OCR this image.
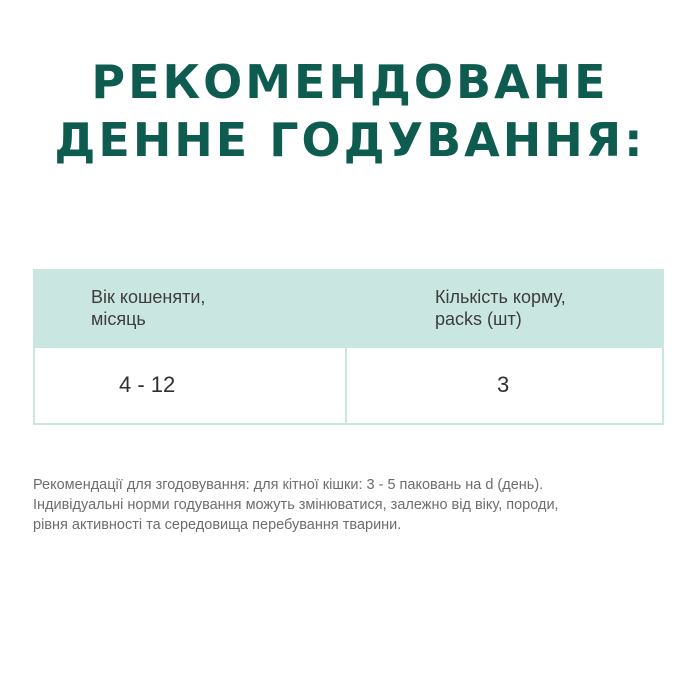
РЕКОМЕНДОВАНЕ
ДЕННЕ ГОДУВАННЯ:
Вік кошеняти,
місяць
Кількість корму,
packs (шт)
4 - 12	3

Рекомендації для згодовування: для кітної кішки: 3 - 5 паковань на d (день).
Індивідуальні норми годування можуть змінюватися, залежно від віку, породи,
рівня активності та середовища перебування тварини.
